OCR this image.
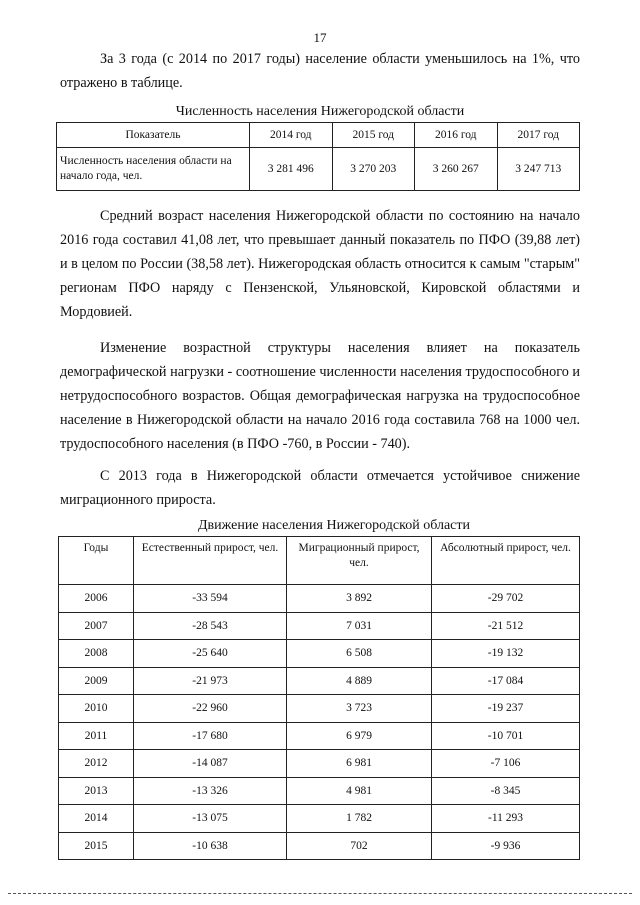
17

За 3 года (с 2014 по 2017 годы) население области уменьшилось на 1%, что отражено в таблице.

Численность населения Нижегородской области
Показатель	2014 год	2015 год	2016 год	2017 год
Численность населения области на начало года, чел.	3 281 496	3 270 203	3 260 267	3 247 713

Средний возраст населения Нижегородской области по состоянию на начало 2016 года составил 41,08 лет, что превышает данный показатель по ПФО (39,88 лет) и в целом по России (38,58 лет). Нижегородская область относится к самым "старым" регионам ПФО наряду с Пензенской, Ульяновской, Кировской областями и Мордовией.

Изменение возрастной структуры населения влияет на показатель демографической нагрузки - соотношение численности населения трудоспособного и нетрудоспособного возрастов. Общая демографическая нагрузка на трудоспособное население в Нижегородской области на начало 2016 года составила 768 на 1000 чел. трудоспособного населения (в ПФО -760, в России - 740).

С 2013 года в Нижегородской области отмечается устойчивое снижение миграционного прироста.

Движение населения Нижегородской области
Годы	Естественный прирост, чел.	Миграционный прирост, чел.	Абсолютный прирост, чел.
2006	-33 594	3 892	-29 702
2007	-28 543	7 031	-21 512
2008	-25 640	6 508	-19 132
2009	-21 973	4 889	-17 084
2010	-22 960	3 723	-19 237
2011	-17 680	6 979	-10 701
2012	-14 087	6 981	-7 106
2013	-13 326	4 981	-8 345
2014	-13 075	1 782	-11 293
2015	-10 638	702	-9 936
